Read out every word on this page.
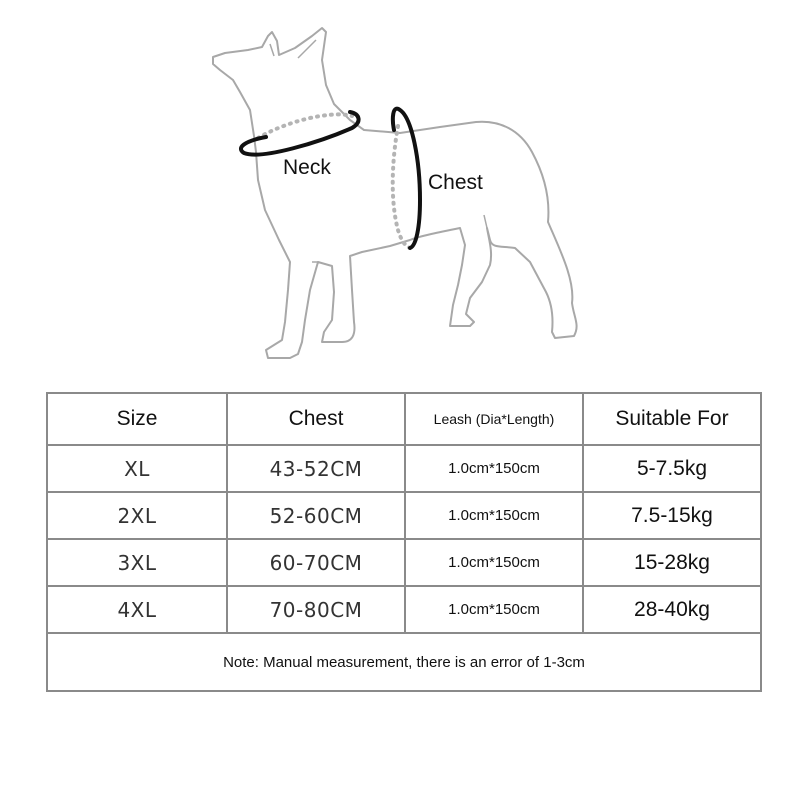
Neck
Chest
Size	Chest	Leash (Dia*Length)	Suitable For
XL	43-52CM	1.0cm*150cm	5-7.5kg
2XL	52-60CM	1.0cm*150cm	7.5-15kg
3XL	60-70CM	1.0cm*150cm	15-28kg
4XL	70-80CM	1.0cm*150cm	28-40kg
Note: Manual measurement, there is an error of 1-3cm			
